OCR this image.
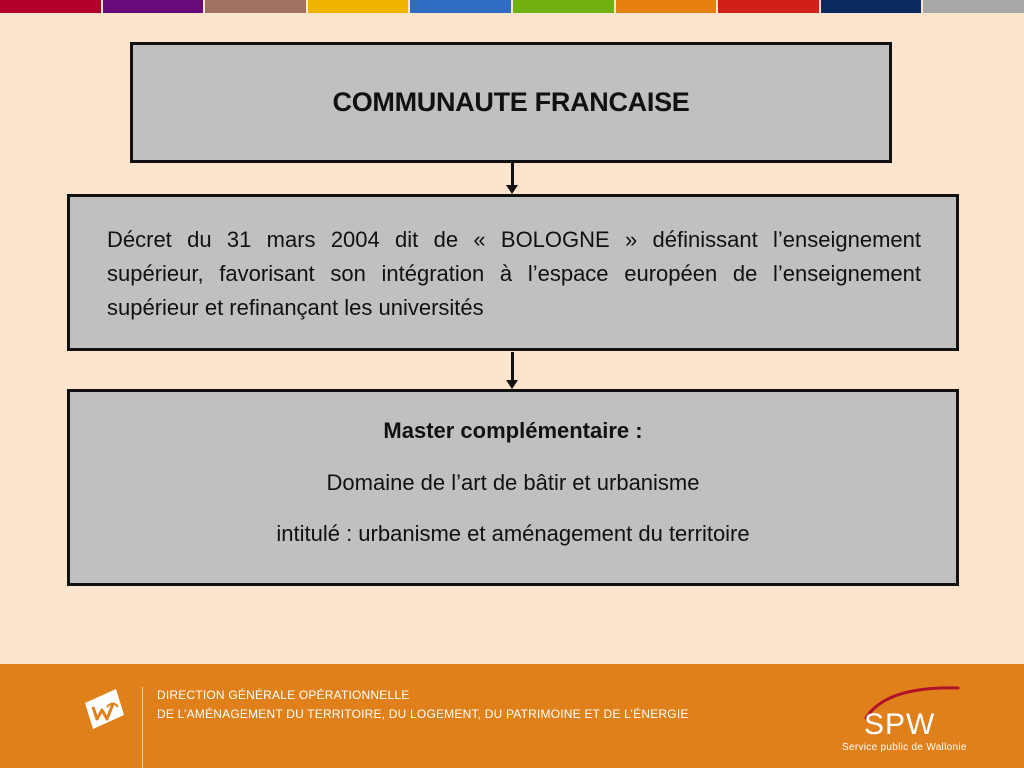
COMMUNAUTE FRANCAISE
Décret du 31 mars 2004 dit de « BOLOGNE » définissant l’enseignement supérieur, favorisant son intégration à l’espace européen de l’enseignement supérieur et refinançant les universités
Master complémentaire :
Domaine de l’art de bâtir et urbanisme
intitulé : urbanisme et aménagement du territoire
DIRECTION GÉNÉRALE OPÉRATIONNELLE
DE L’AMÉNAGEMENT DU TERRITOIRE, DU LOGEMENT, DU PATRIMOINE ET DE L’ÉNERGIE	SPW
Service public de Wallonie
